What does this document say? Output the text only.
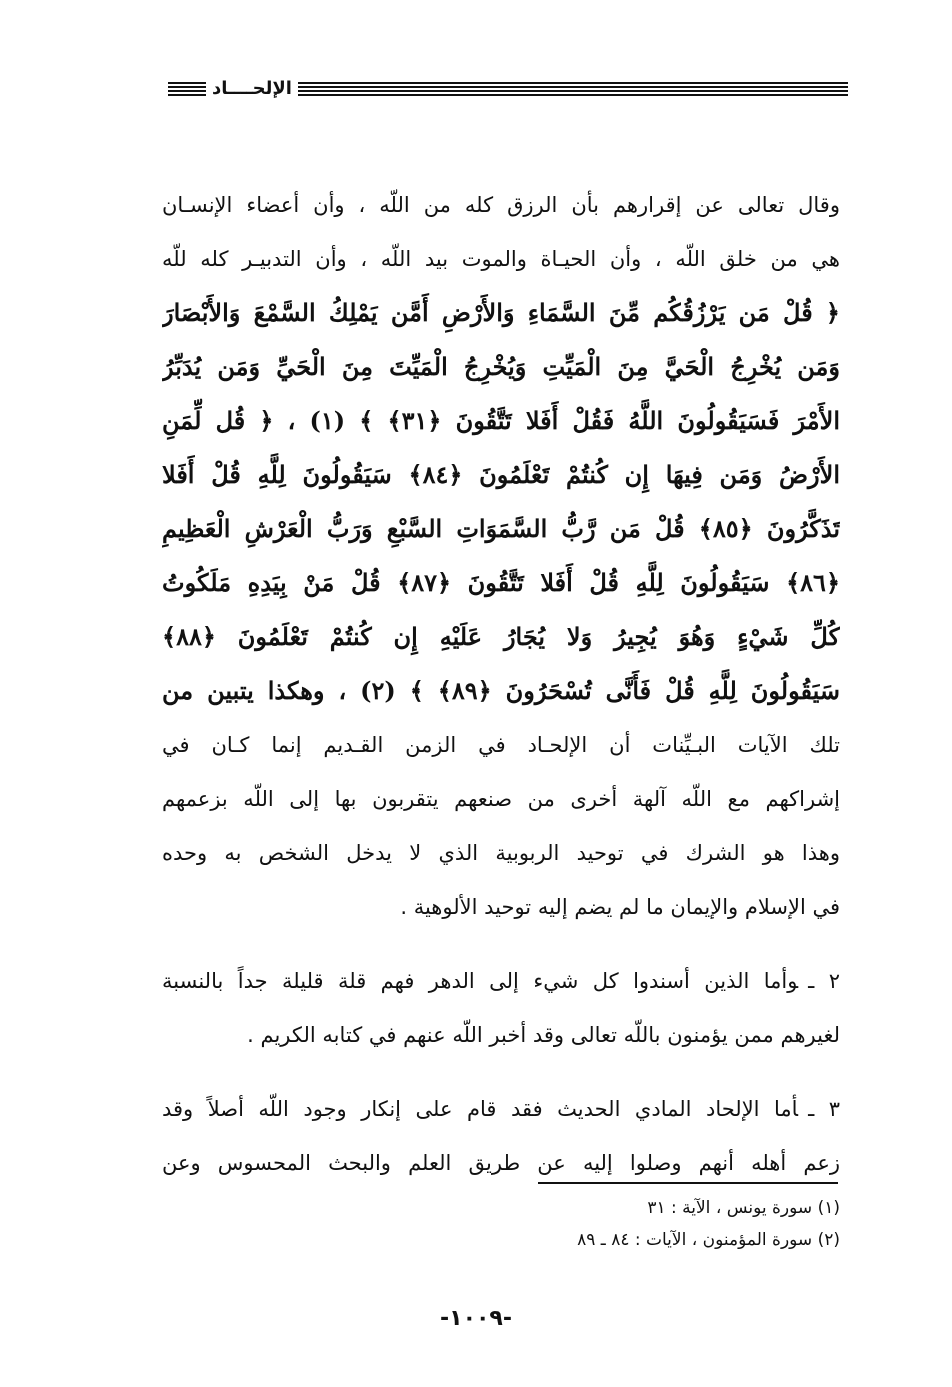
الإلحــــاد
وقال تعالى عن إقرارهم بأن الرزق كله من اللّه ، وأن أعضاء الإنسـان
هي من خلق اللّه ، وأن الحيـاة والموت بيد اللّه ، وأن التدبيـر كله للّه
﴿ قُلْ مَن يَرْزُقُكُم مِّنَ السَّمَاءِ وَالأَرْضِ أَمَّن يَمْلِكُ السَّمْعَ وَالأَبْصَارَ
وَمَن يُخْرِجُ الْحَيَّ مِنَ الْمَيِّتِ وَيُخْرِجُ الْمَيِّتَ مِنَ الْحَيِّ وَمَن يُدَبِّرُ
الأَمْرَ فَسَيَقُولُونَ اللَّهُ فَقُلْ أَفَلا تَتَّقُونَ ﴿٣١﴾ ﴾ (١) ، ﴿ قُل لِّمَنِ
الأَرْضُ وَمَن فِيهَا إِن كُنتُمْ تَعْلَمُونَ ﴿٨٤﴾ سَيَقُولُونَ لِلَّهِ قُلْ أَفَلا
تَذَكَّرُونَ ﴿٨٥﴾ قُلْ مَن رَّبُّ السَّمَوَاتِ السَّبْعِ وَرَبُّ الْعَرْشِ الْعَظِيمِ
﴿٨٦﴾ سَيَقُولُونَ لِلَّهِ قُلْ أَفَلا تَتَّقُونَ ﴿٨٧﴾ قُلْ مَنْ بِيَدِهِ مَلَكُوتُ
كُلِّ شَيْءٍ وَهُوَ يُجِيرُ وَلا يُجَارُ عَلَيْهِ إِن كُنتُمْ تَعْلَمُونَ ﴿٨٨﴾
سَيَقُولُونَ لِلَّهِ قُلْ فَأَنَّى تُسْحَرُونَ ﴿٨٩﴾ ﴾ (٢) ، وهكذا يتبين من
تلك الآيات البـيِّنات أن الإلحـاد في الزمن القـديم إنما كـان في
إشراكهم مع اللّه آلهة أخرى من صنعهم يتقربون بها إلى اللّه بزعمهم
وهذا هو الشرك في توحيد الربوبية الذي لا يدخل الشخص به وحده
في الإسلام والإيمان ما لم يضم إليه توحيد الألوهية .
٢ ـوأما الذين أسندوا كل شيء إلى الدهر فهم قلة قليلة جداً بالنسبة
لغيرهم ممن يؤمنون باللّه تعالى وقد أخبر اللّه عنهم في كتابه الكريم .
٣ ـأما الإلحاد المادي الحديث فقد قام على إنكار وجود اللّه أصلاً وقد
زعم أهله أنهم وصلوا إليه عن طريق العلم والبحث المحسوس وعن
(١) سورة يونس ، الآية : ٣١
(٢) سورة المؤمنون ، الآيات : ٨٤ ـ ٨٩
-١٠٠٩-
